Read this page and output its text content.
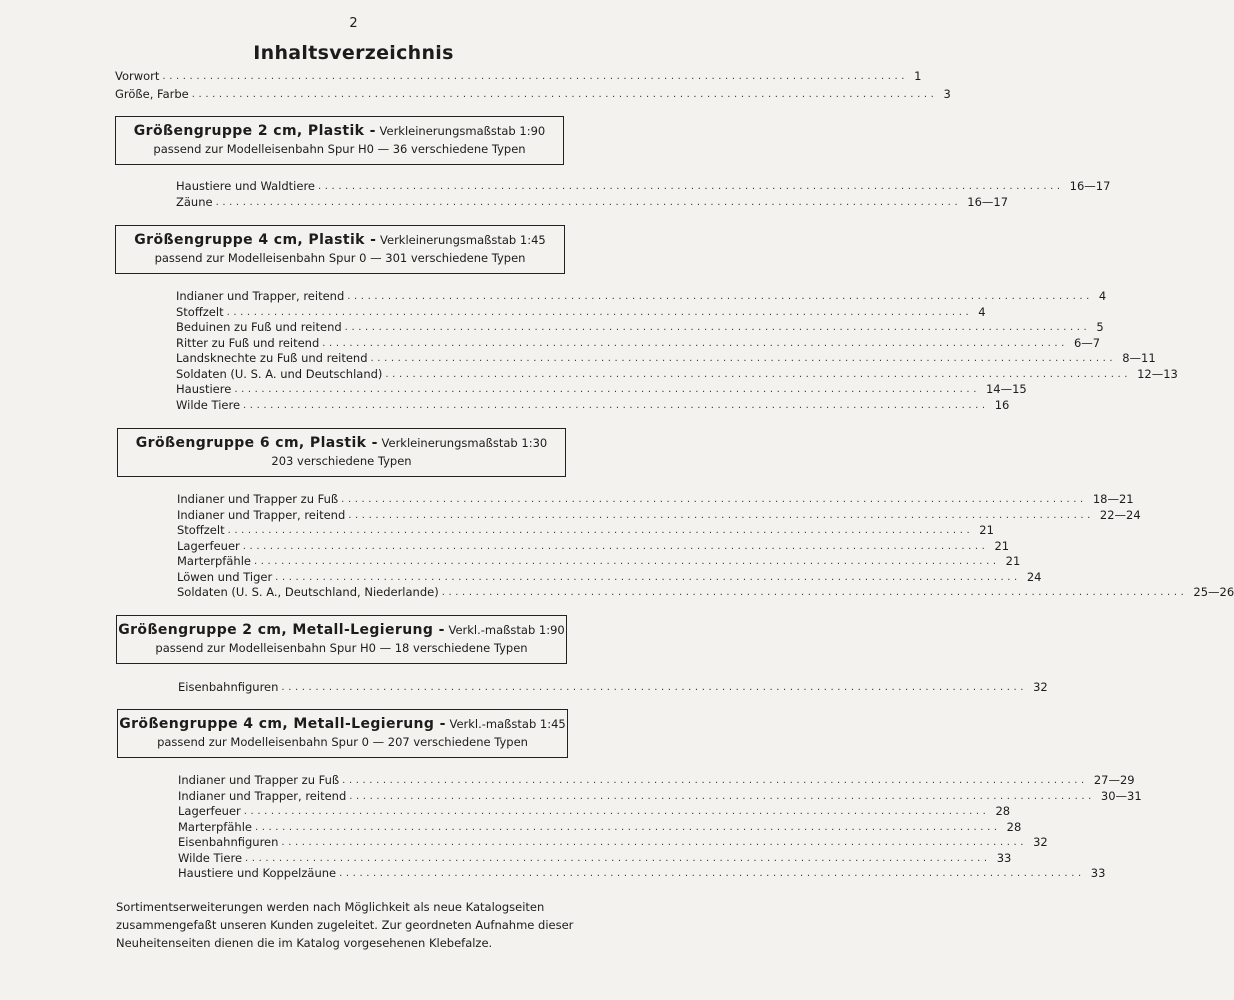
2
Inhaltsverzeichnis
Vorwort .............................................................................................................. 1
Größe, Farbe .............................................................................................................. 3
Größengruppe 2 cm, Plastik - Verkleinerungsmaßstab 1:90
passend zur Modelleisenbahn Spur H0 — 36 verschiedene Typen
Haustiere und Waldtiere .............................................................................................................. 16—17
Zäune .............................................................................................................. 16—17
Größengruppe 4 cm, Plastik - Verkleinerungsmaßstab 1:45
passend zur Modelleisenbahn Spur 0 — 301 verschiedene Typen
Indianer und Trapper, reitend .............................................................................................................. 4
Stoffzelt .............................................................................................................. 4
Beduinen zu Fuß und reitend .............................................................................................................. 5
Ritter zu Fuß und reitend .............................................................................................................. 6—7
Landsknechte zu Fuß und reitend .............................................................................................................. 8—11
Soldaten (U. S. A. und Deutschland) .............................................................................................................. 12—13
Haustiere .............................................................................................................. 14—15
Wilde Tiere .............................................................................................................. 16
Größengruppe 6 cm, Plastik - Verkleinerungsmaßstab 1:30
203 verschiedene Typen
Indianer und Trapper zu Fuß .............................................................................................................. 18—21
Indianer und Trapper, reitend .............................................................................................................. 22—24
Stoffzelt .............................................................................................................. 21
Lagerfeuer .............................................................................................................. 21
Marterpfähle .............................................................................................................. 21
Löwen und Tiger .............................................................................................................. 24
Soldaten (U. S. A., Deutschland, Niederlande) .............................................................................................................. 25—26
Größengruppe 2 cm, Metall-Legierung - Verkl.-maßstab 1:90
passend zur Modelleisenbahn Spur H0 — 18 verschiedene Typen
Eisenbahnfiguren .............................................................................................................. 32
Größengruppe 4 cm, Metall-Legierung - Verkl.-maßstab 1:45
passend zur Modelleisenbahn Spur 0 — 207 verschiedene Typen
Indianer und Trapper zu Fuß .............................................................................................................. 27—29
Indianer und Trapper, reitend .............................................................................................................. 30—31
Lagerfeuer .............................................................................................................. 28
Marterpfähle .............................................................................................................. 28
Eisenbahnfiguren .............................................................................................................. 32
Wilde Tiere .............................................................................................................. 33
Haustiere und Koppelzäune .............................................................................................................. 33
Sortimentserweiterungen werden nach Möglichkeit als neue Katalogseiten zusammengefaßt unseren Kunden zugeleitet. Zur geordneten Aufnahme dieser Neuheitenseiten dienen die im Katalog vorgesehenen Klebefalze.
